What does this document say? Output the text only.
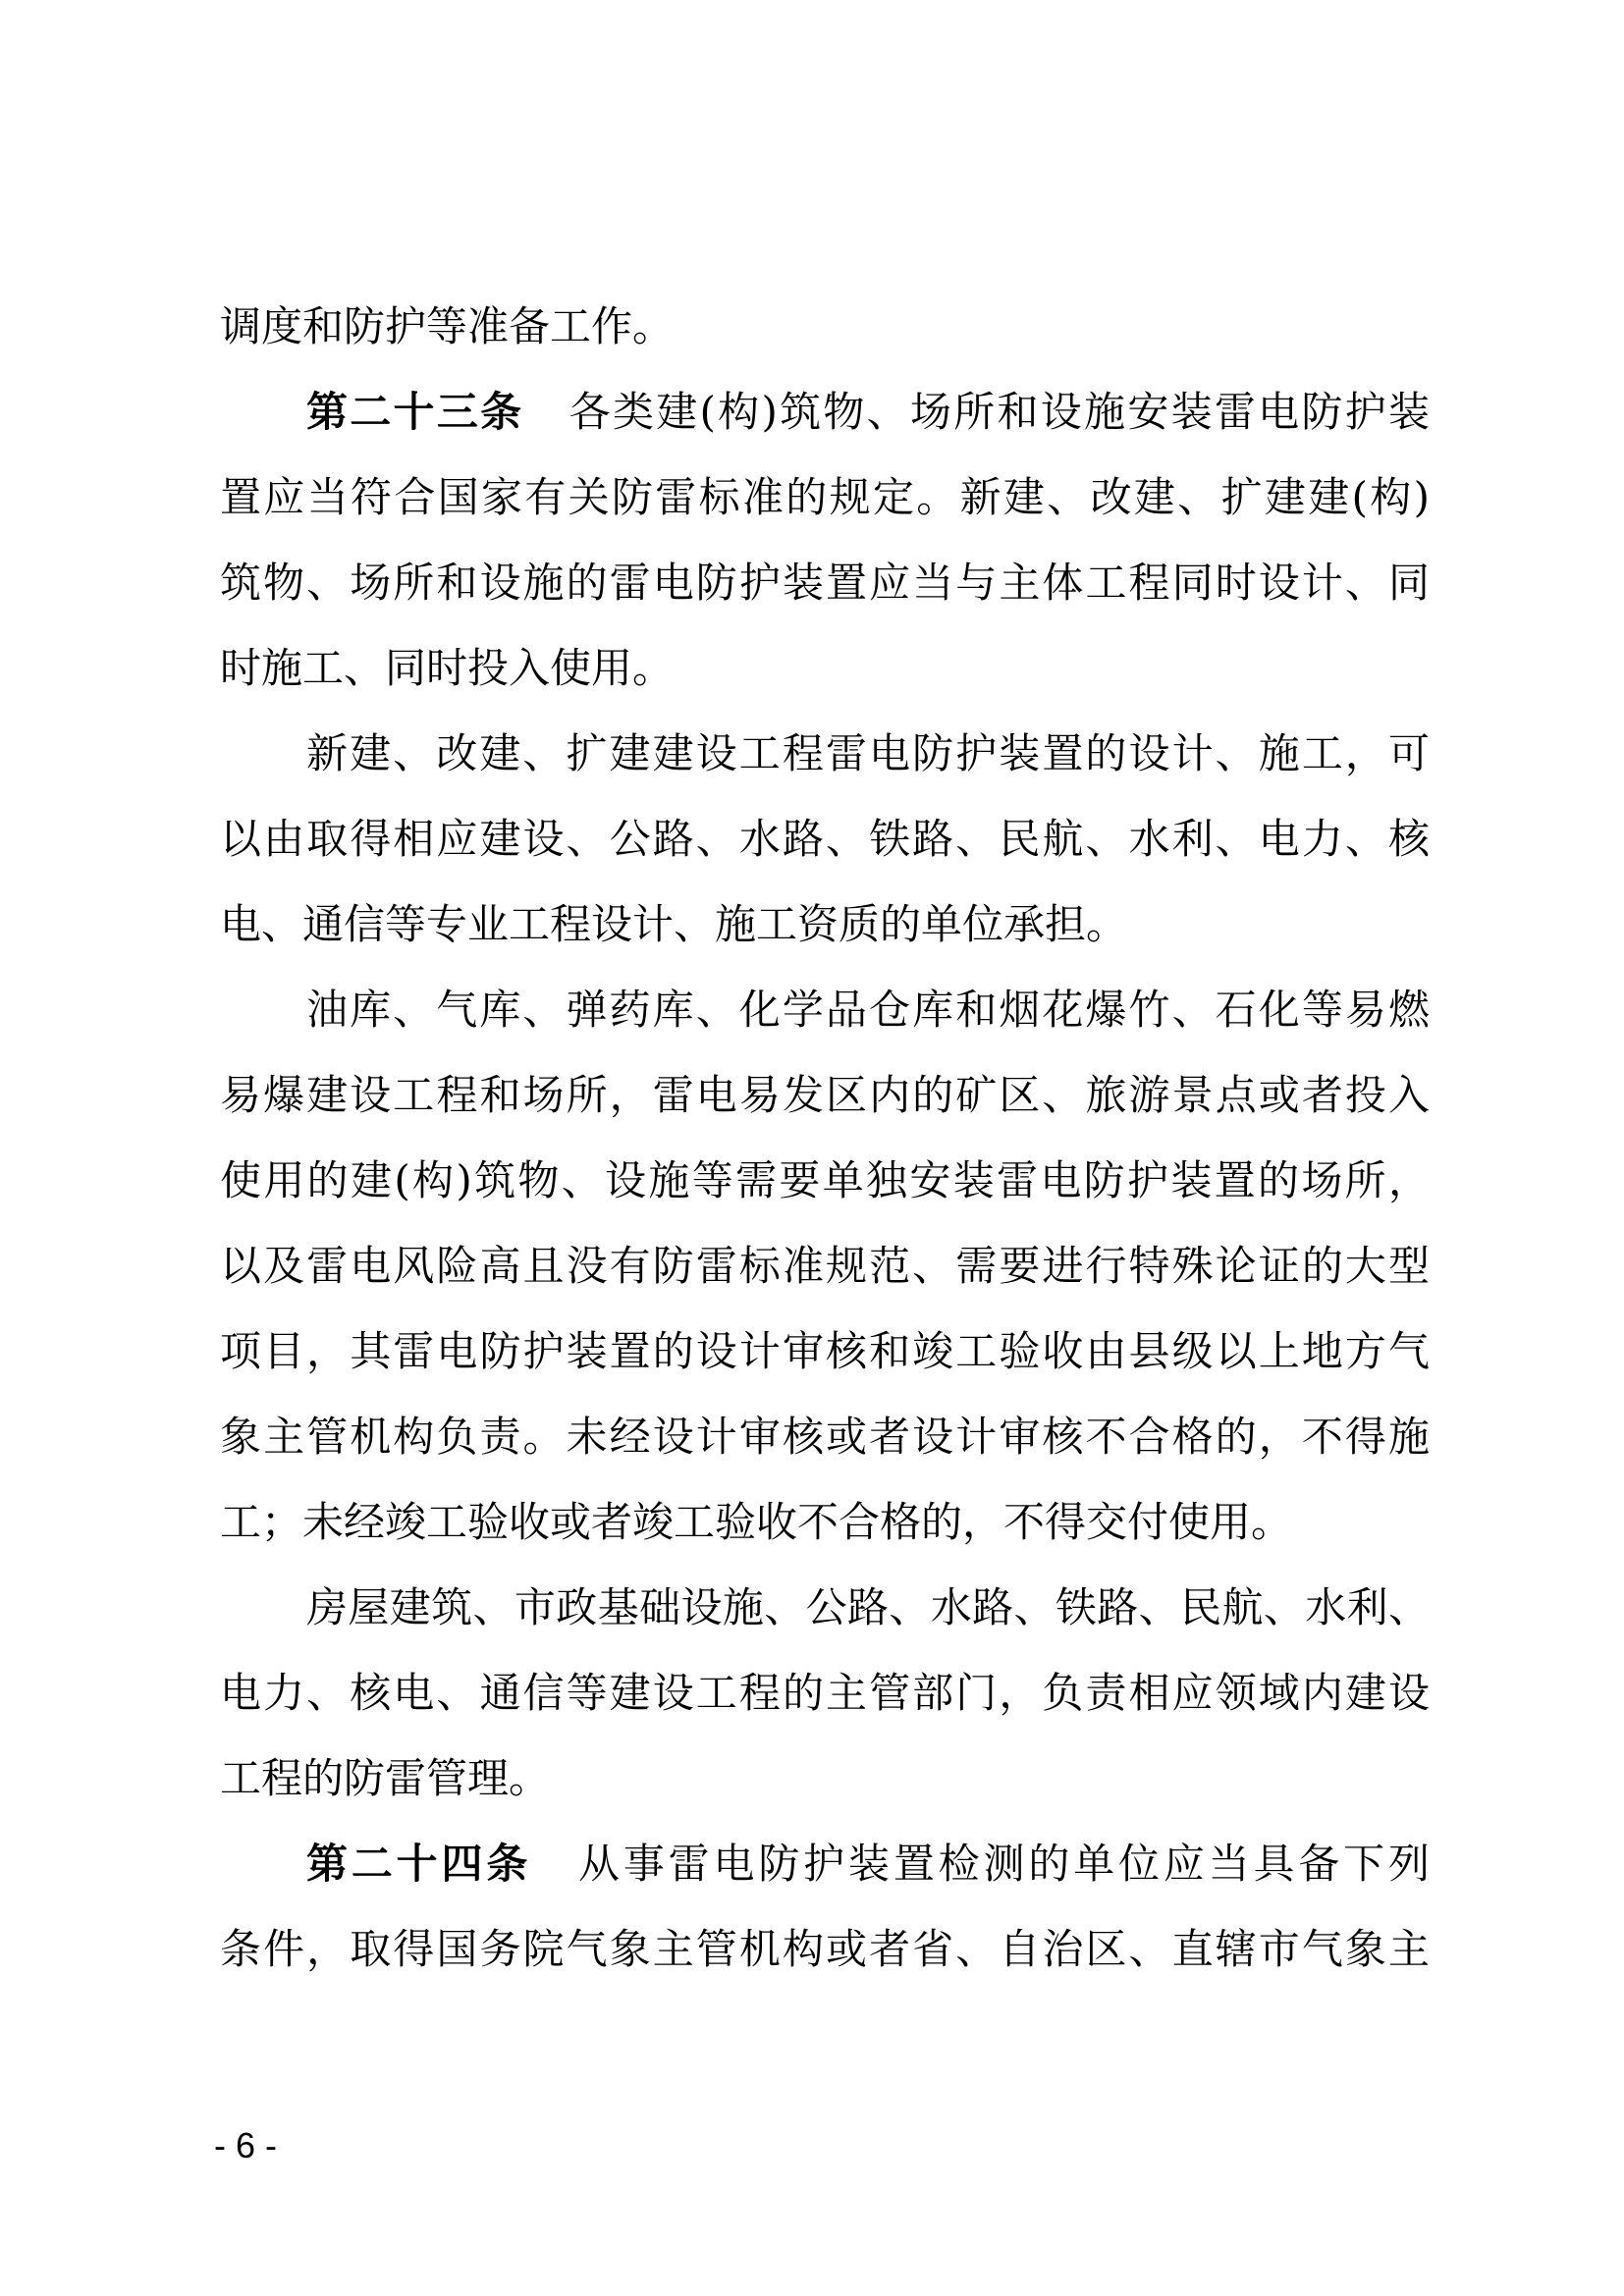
调度和防护等准备工作。
第二十三条 各类建(构)筑物、场所和设施安装雷电防护装
置应当符合国家有关防雷标准的规定。新建、改建、扩建建(构)
筑物、场所和设施的雷电防护装置应当与主体工程同时设计、同
时施工、同时投入使用。
新建、改建、扩建建设工程雷电防护装置的设计、施工，可
以由取得相应建设、公路、水路、铁路、民航、水利、电力、核
电、通信等专业工程设计、施工资质的单位承担。
油库、气库、弹药库、化学品仓库和烟花爆竹、石化等易燃
易爆建设工程和场所，雷电易发区内的矿区、旅游景点或者投入
使用的建(构)筑物、设施等需要单独安装雷电防护装置的场所，
以及雷电风险高且没有防雷标准规范、需要进行特殊论证的大型
项目，其雷电防护装置的设计审核和竣工验收由县级以上地方气
象主管机构负责。未经设计审核或者设计审核不合格的，不得施
工；未经竣工验收或者竣工验收不合格的，不得交付使用。
房屋建筑、市政基础设施、公路、水路、铁路、民航、水利、
电力、核电、通信等建设工程的主管部门，负责相应领域内建设
工程的防雷管理。
第二十四条 从事雷电防护装置检测的单位应当具备下列
条件，取得国务院气象主管机构或者省、自治区、直辖市气象主
- 6 -
